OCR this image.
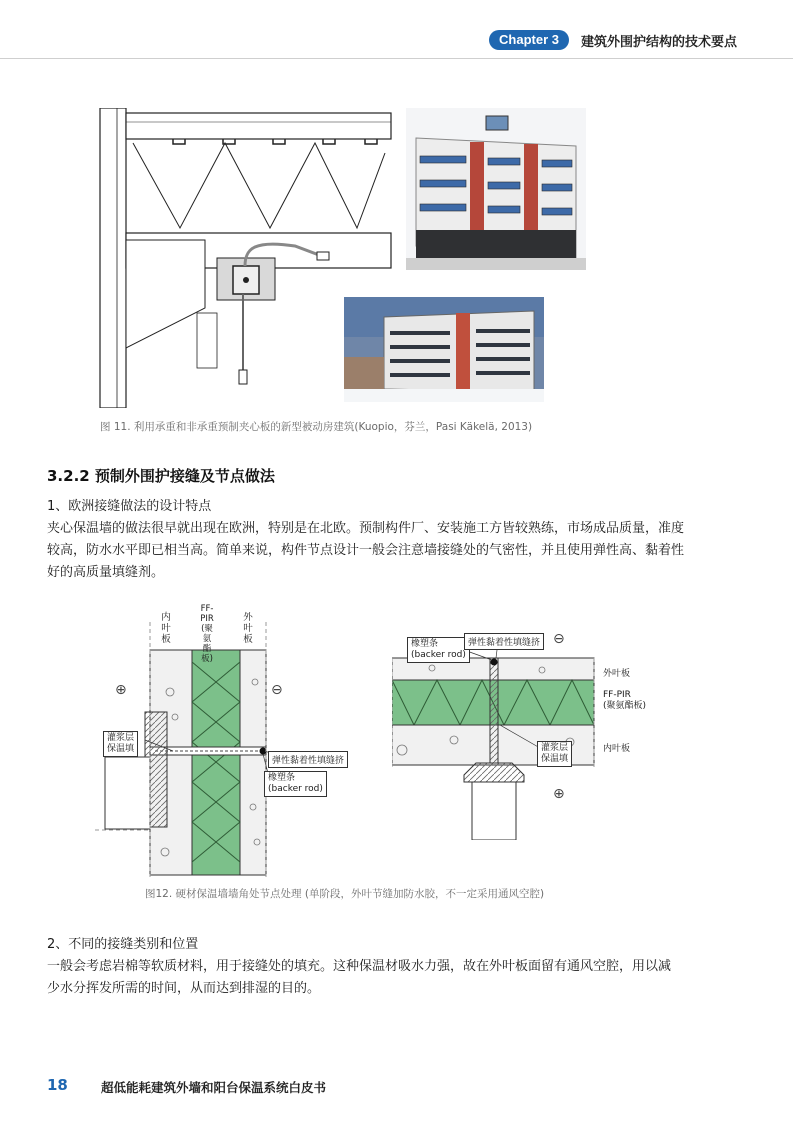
Chapter 3	建筑外围护结构的技术要点
图 11. 利用承重和非承重预制夹心板的新型被动房建筑(Kuopio，芬兰，Pasi Käkelä, 2013)
3.2.2 预制外围护接缝及节点做法
1、欧洲接缝做法的设计特点
夹心保温墙的做法很早就出现在欧洲，特别是在北欧。预制构件厂、安装施工方皆较熟练，市场成品质量，准度
较高，防水水平即已相当高。简单来说，构件节点设计一般会注意墙接缝处的气密性，并且使用弹性高、黏着性
好的高质量填缝剂。
内叶板
FF-PIR (聚氨酯板)
外叶板
⊕	⊖
灌浆层
保温填
弹性黏着性填缝挤
橡塑条
(backer rod)
橡塑条
(backer rod)
弹性黏着性填缝挤 ⊖
⊕
外叶板
FF-PIR
(聚氨酯板)
内叶板
灌浆层
保温填
图12. 硬材保温墙墙角处节点处理 (单阶段，外叶节缝加防水胶，不一定采用通风空腔)
2、不同的接缝类别和位置
一般会考虑岩棉等软质材料，用于接缝处的填充。这种保温材吸水力强，故在外叶板面留有通风空腔，用以减
少水分挥发所需的时间，从而达到排湿的目的。
18	超低能耗建筑外墙和阳台保温系统白皮书
